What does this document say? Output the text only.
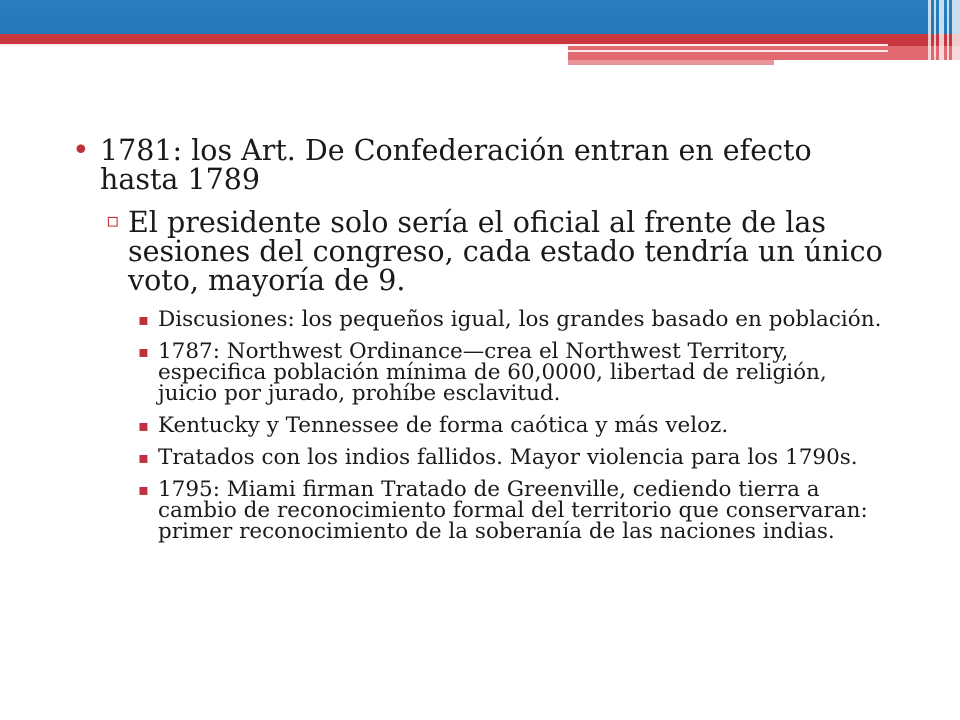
• 1781: los Art. De Confederación entran en efecto hasta 1789
▫ El presidente solo sería el oficial al frente de las sesiones del congreso, cada estado tendría un único voto, mayoría de 9.
▪ Discusiones: los pequeños igual, los grandes basado en población.
▪ 1787: Northwest Ordinance—crea el Northwest Territory, especifica población mínima de 60,0000, libertad de religión, juicio por jurado, prohíbe esclavitud.
▪ Kentucky y Tennessee de forma caótica y más veloz.
▪ Tratados con los indios fallidos. Mayor violencia para los 1790s.
▪ 1795: Miami firman Tratado de Greenville, cediendo tierra a cambio de reconocimiento formal del territorio que conservaran: primer reconocimiento de la soberanía de las naciones indias.
